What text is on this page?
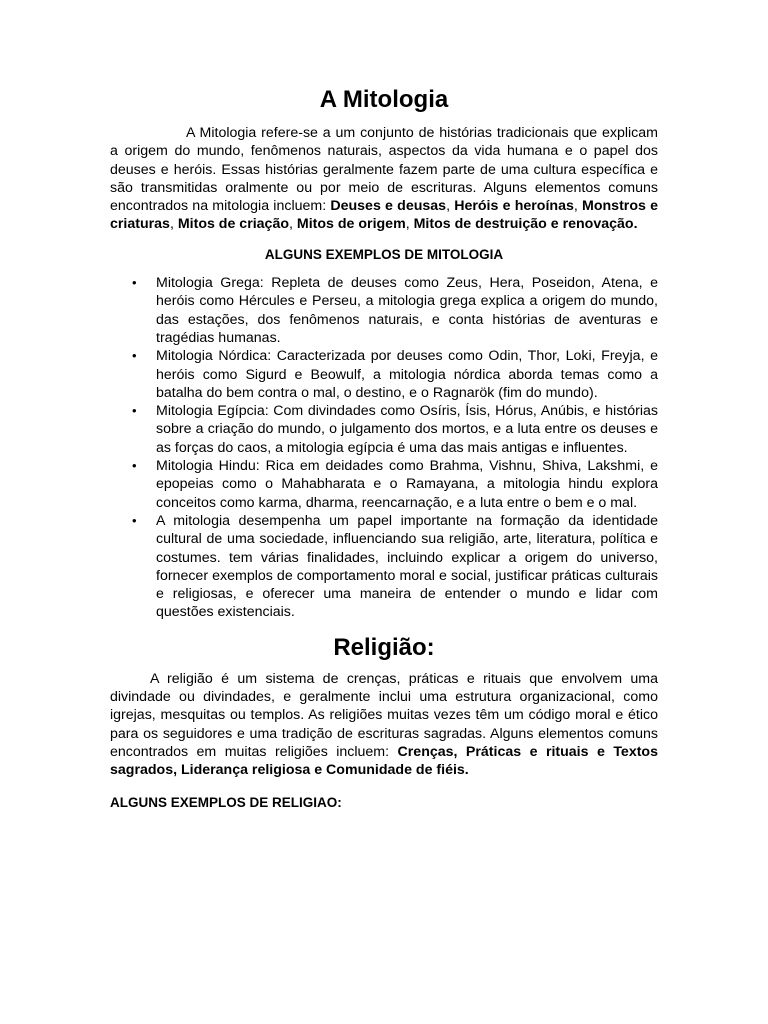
A Mitologia

A Mitologia refere-se a um conjunto de histórias tradicionais que explicam a origem do mundo, fenômenos naturais, aspectos da vida humana e o papel dos deuses e heróis. Essas histórias geralmente fazem parte de uma cultura específica e são transmitidas oralmente ou por meio de escrituras. Alguns elementos comuns encontrados na mitologia incluem: Deuses e deusas, Heróis e heroínas, Monstros e criaturas, Mitos de criação, Mitos de origem, Mitos de destruição e renovação.

ALGUNS EXEMPLOS DE MITOLOGIA
• Mitologia Grega: Repleta de deuses como Zeus, Hera, Poseidon, Atena, e heróis como Hércules e Perseu, a mitologia grega explica a origem do mundo, das estações, dos fenômenos naturais, e conta histórias de aventuras e tragédias humanas.
• Mitologia Nórdica: Caracterizada por deuses como Odin, Thor, Loki, Freyja, e heróis como Sigurd e Beowulf, a mitologia nórdica aborda temas como a batalha do bem contra o mal, o destino, e o Ragnarök (fim do mundo).
• Mitologia Egípcia: Com divindades como Osíris, Ísis, Hórus, Anúbis, e histórias sobre a criação do mundo, o julgamento dos mortos, e a luta entre os deuses e as forças do caos, a mitologia egípcia é uma das mais antigas e influentes.
• Mitologia Hindu: Rica em deidades como Brahma, Vishnu, Shiva, Lakshmi, e epopeias como o Mahabharata e o Ramayana, a mitologia hindu explora conceitos como karma, dharma, reencarnação, e a luta entre o bem e o mal.
• A mitologia desempenha um papel importante na formação da identidade cultural de uma sociedade, influenciando sua religião, arte, literatura, política e costumes. tem várias finalidades, incluindo explicar a origem do universo, fornecer exemplos de comportamento moral e social, justificar práticas culturais e religiosas, e oferecer uma maneira de entender o mundo e lidar com questões existenciais.
Religião:

A religião é um sistema de crenças, práticas e rituais que envolvem uma divindade ou divindades, e geralmente inclui uma estrutura organizacional, como igrejas, mesquitas ou templos. As religiões muitas vezes têm um código moral e ético para os seguidores e uma tradição de escrituras sagradas. Alguns elementos comuns encontrados em muitas religiões incluem: Crenças, Práticas e rituais e Textos sagrados, Liderança religiosa e Comunidade de fiéis.

ALGUNS EXEMPLOS DE RELIGIAO:
